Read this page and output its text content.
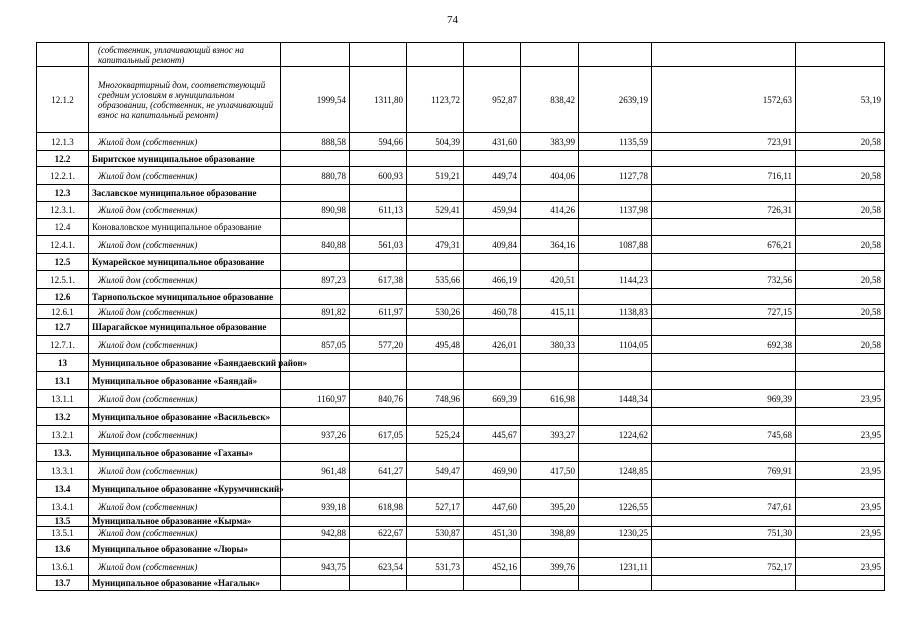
74
	(собственник, уплачивающий взнос на капитальный ремонт)								
12.1.2	Многоквартирный дом, соответствующий средним условиям в муниципальном образовании, (собственник, не уплачивающий взнос на капитальный ремонт)	1999,54	1311,80	1123,72	952,87	838,42	2639,19	1572,63	53,19
12.1.3	Жилой дом (собственник)	888,58	594,66	504,39	431,60	383,99	1135,59	723,91	20,58
12.2	Биритское муниципальное образование								
12.2.1.	Жилой дом (собственник)	880,78	600,93	519,21	449,74	404,06	1127,78	716,11	20,58
12.3	Заславское муниципальное образование								
12.3.1.	Жилой дом (собственник)	890,98	611,13	529,41	459,94	414,26	1137,98	726,31	20,58
12.4	Коноваловское муниципальное образование								
12.4.1.	Жилой дом (собственник)	840,88	561,03	479,31	409,84	364,16	1087,88	676,21	20,58
12.5	Кумарейское муниципальное образование								
12.5.1.	Жилой дом (собственник)	897,23	617,38	535,66	466,19	420,51	1144,23	732,56	20,58
12.6	Тарнопольское муниципальное образование								
12.6.1	Жилой дом (собственник)	891,82	611,97	530,26	460,78	415,11	1138,83	727,15	20,58
12.7	Шарагайское муниципальное образование								
12.7.1.	Жилой дом (собственник)	857,05	577,20	495,48	426,01	380,33	1104,05	692,38	20,58
13	Муниципальное образование «Баяндаевский район»								
13.1	Муниципальное образование «Баяндай»								
13.1.1	Жилой дом (собственник)	1160,97	840,76	748,96	669,39	616,98	1448,34	969,39	23,95
13.2	Муниципальное образование «Васильевск»								
13.2.1	Жилой дом (собственник)	937,26	617,05	525,24	445,67	393,27	1224,62	745,68	23,95
13.3.	Муниципальное образование «Гаханы»								
13.3.1	Жилой дом (собственник)	961,48	641,27	549,47	469,90	417,50	1248,85	769,91	23,95
13.4	Муниципальное образование «Курумчинский»								
13.4.1	Жилой дом (собственник)	939,18	618,98	527,17	447,60	395,20	1226,55	747,61	23,95
13.5	Муниципальное образование «Кырма»								
13.5.1	Жилой дом (собственник)	942,88	622,67	530,87	451,30	398,89	1230,25	751,30	23,95
13.6	Муниципальное образование «Люры»								
13.6.1	Жилой дом (собственник)	943,75	623,54	531,73	452,16	399,76	1231,11	752,17	23,95
13.7	Муниципальное образование «Нагалык»								
